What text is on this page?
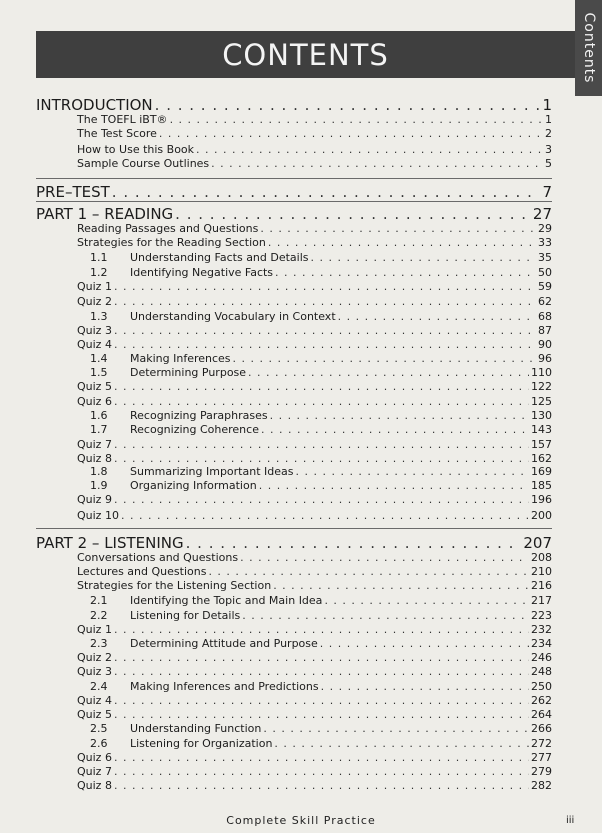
Contents
CONTENTS
INTRODUCTION . . .	1
The TOEFL iBT® . . .	1
The Test Score . . .	2
How to Use this Book . . .	3
Sample Course Outlines . . .	5
PRE–TEST . . .	7
PART 1 – READING . . .	27
Reading Passages and Questions . . .	29
Strategies for the Reading Section . . .	33
1.1	Understanding Facts and Details . . .	35
1.2	Identifying Negative Facts . . .	50
Quiz 1 . . .	59
Quiz 2 . . .	62
1.3	Understanding Vocabulary in Context . . .	68
Quiz 3 . . .	87
Quiz 4 . . .	90
1.4	Making Inferences . . .	96
1.5	Determining Purpose . . .	110
Quiz 5 . . .	122
Quiz 6 . . .	125
1.6	Recognizing Paraphrases . . .	130
1.7	Recognizing Coherence . . .	143
Quiz 7 . . .	157
Quiz 8 . . .	162
1.8	Summarizing Important Ideas . . .	169
1.9	Organizing Information . . .	185
Quiz 9 . . .	196
Quiz 10 . . .	200
PART 2 – LISTENING . . .	207
Conversations and Questions . . .	208
Lectures and Questions . . .	210
Strategies for the Listening Section . . .	216
2.1	Identifying the Topic and Main Idea . . .	217
2.2	Listening for Details . . .	223
Quiz 1 . . .	232
2.3	Determining Attitude and Purpose . . .	234
Quiz 2 . . .	246
Quiz 3 . . .	248
2.4	Making Inferences and Predictions . . .	250
Quiz 4 . . .	262
Quiz 5 . . .	264
2.5	Understanding Function . . .	266
2.6	Listening for Organization . . .	272
Quiz 6 . . .	277
Quiz 7 . . .	279
Quiz 8 . . .	282
Complete Skill Practice	iii
